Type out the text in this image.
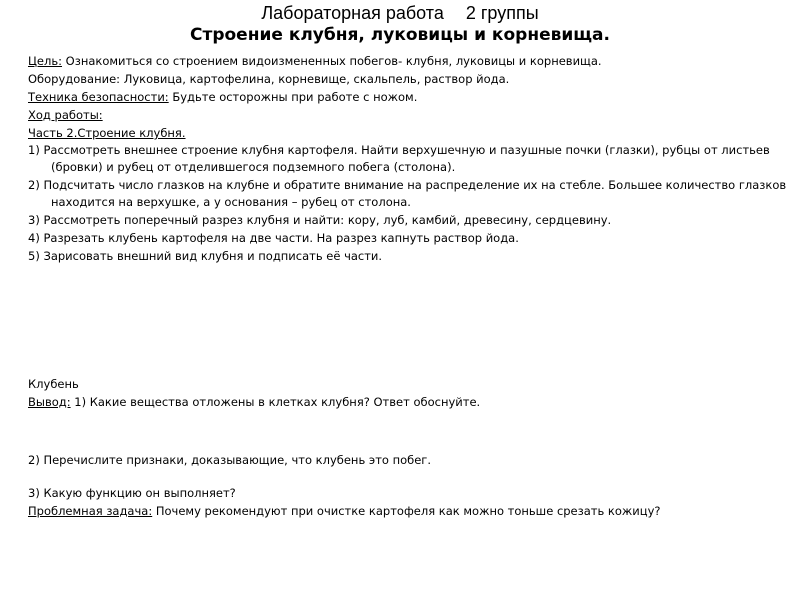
Лабораторная работа 2 группы
Строение клубня, луковицы и корневища.

Цель: Ознакомиться со строением видоизмененных побегов- клубня, луковицы и корневища.

Оборудование: Луковица, картофелина, корневище, скальпель, раствор йода.

Техника безопасности: Будьте осторожны при работе с ножом.

Ход работы:

Часть 2.Строение клубня.

1) Рассмотреть внешнее строение клубня картофеля. Найти верхушечную и пазушные почки (глазки), рубцы от листьев (бровки) и рубец от отделившегося подземного побега (столона).

2) Подсчитать число глазков на клубне и обратите внимание на распределение их на стебле. Большее количество глазков находится на верхушке, а у основания – рубец от столона.

3) Рассмотреть поперечный разрез клубня и найти: кору, луб, камбий, древесину, сердцевину.

4) Разрезать клубень картофеля на две части. На разрез капнуть раствор йода.

5) Зарисовать внешний вид клубня и подписать её части.

Клубень

Вывод: 1) Какие вещества отложены в клетках клубня? Ответ обоснуйте.

2) Перечислите признаки, доказывающие, что клубень это побег.

3) Какую функцию он выполняет?

Проблемная задача: Почему рекомендуют при очистке картофеля как можно тоньше срезать кожицу?
